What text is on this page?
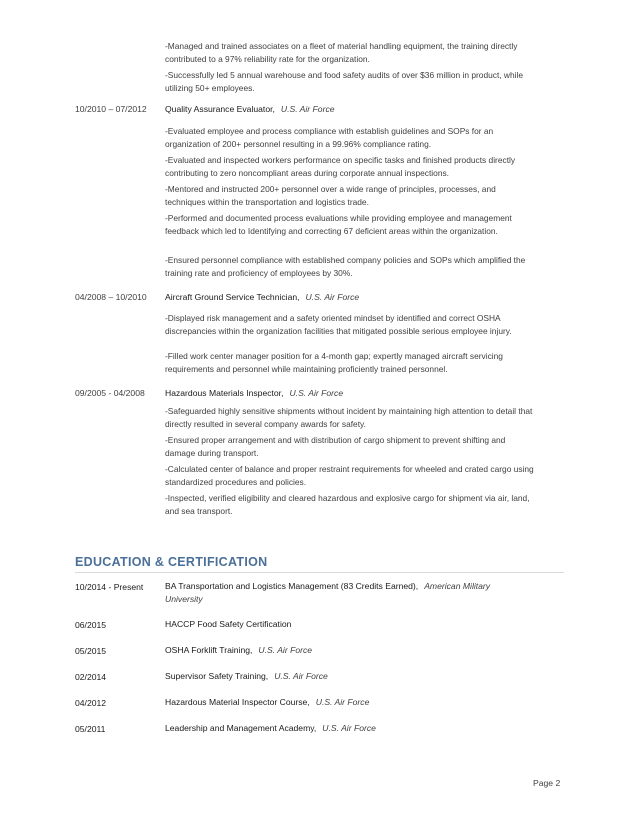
-Managed and trained associates on a fleet of material handling equipment, the training directly contributed to a 97% reliability rate for the organization.

-Successfully led 5 annual warehouse and food safety audits of over $36 million in product, while utilizing 50+ employees.

10/2010 – 07/2012 Quality Assurance Evaluator, U.S. Air Force

-Evaluated employee and process compliance with establish guidelines and SOPs for an organization of 200+ personnel resulting in a 99.96% compliance rating.

-Evaluated and inspected workers performance on specific tasks and finished products directly contributing to zero noncompliant areas during corporate annual inspections.

-Mentored and instructed 200+ personnel over a wide range of principles, processes, and techniques within the transportation and logistics trade.

-Performed and documented process evaluations while providing employee and management feedback which led to Identifying and correcting 67 deficient areas within the organization.

-Ensured personnel compliance with established company policies and SOPs which amplified the training rate and proficiency of employees by 30%.

04/2008 – 10/2010 Aircraft Ground Service Technician, U.S. Air Force

-Displayed risk management and a safety oriented mindset by identified and correct OSHA discrepancies within the organization facilities that mitigated possible serious employee injury.

-Filled work center manager position for a 4-month gap; expertly managed aircraft servicing requirements and personnel while maintaining proficiently trained personnel.

09/2005 - 04/2008 Hazardous Materials Inspector, U.S. Air Force

-Safeguarded highly sensitive shipments without incident by maintaining high attention to detail that directly resulted in several company awards for safety.

-Ensured proper arrangement and with distribution of cargo shipment to prevent shifting and damage during transport.

-Calculated center of balance and proper restraint requirements for wheeled and crated cargo using standardized procedures and policies.

-Inspected, verified eligibility and cleared hazardous and explosive cargo for shipment via air, land, and sea transport.

EDUCATION & CERTIFICATION

10/2014 - Present	BA Transportation and Logistics Management (83 Credits Earned), American Military University

06/2015	HACCP Food Safety Certification

05/2015	OSHA Forklift Training, U.S. Air Force

02/2014	Supervisor Safety Training, U.S. Air Force

04/2012	Hazardous Material Inspector Course, U.S. Air Force

05/2011	Leadership and Management Academy, U.S. Air Force

Page 2
